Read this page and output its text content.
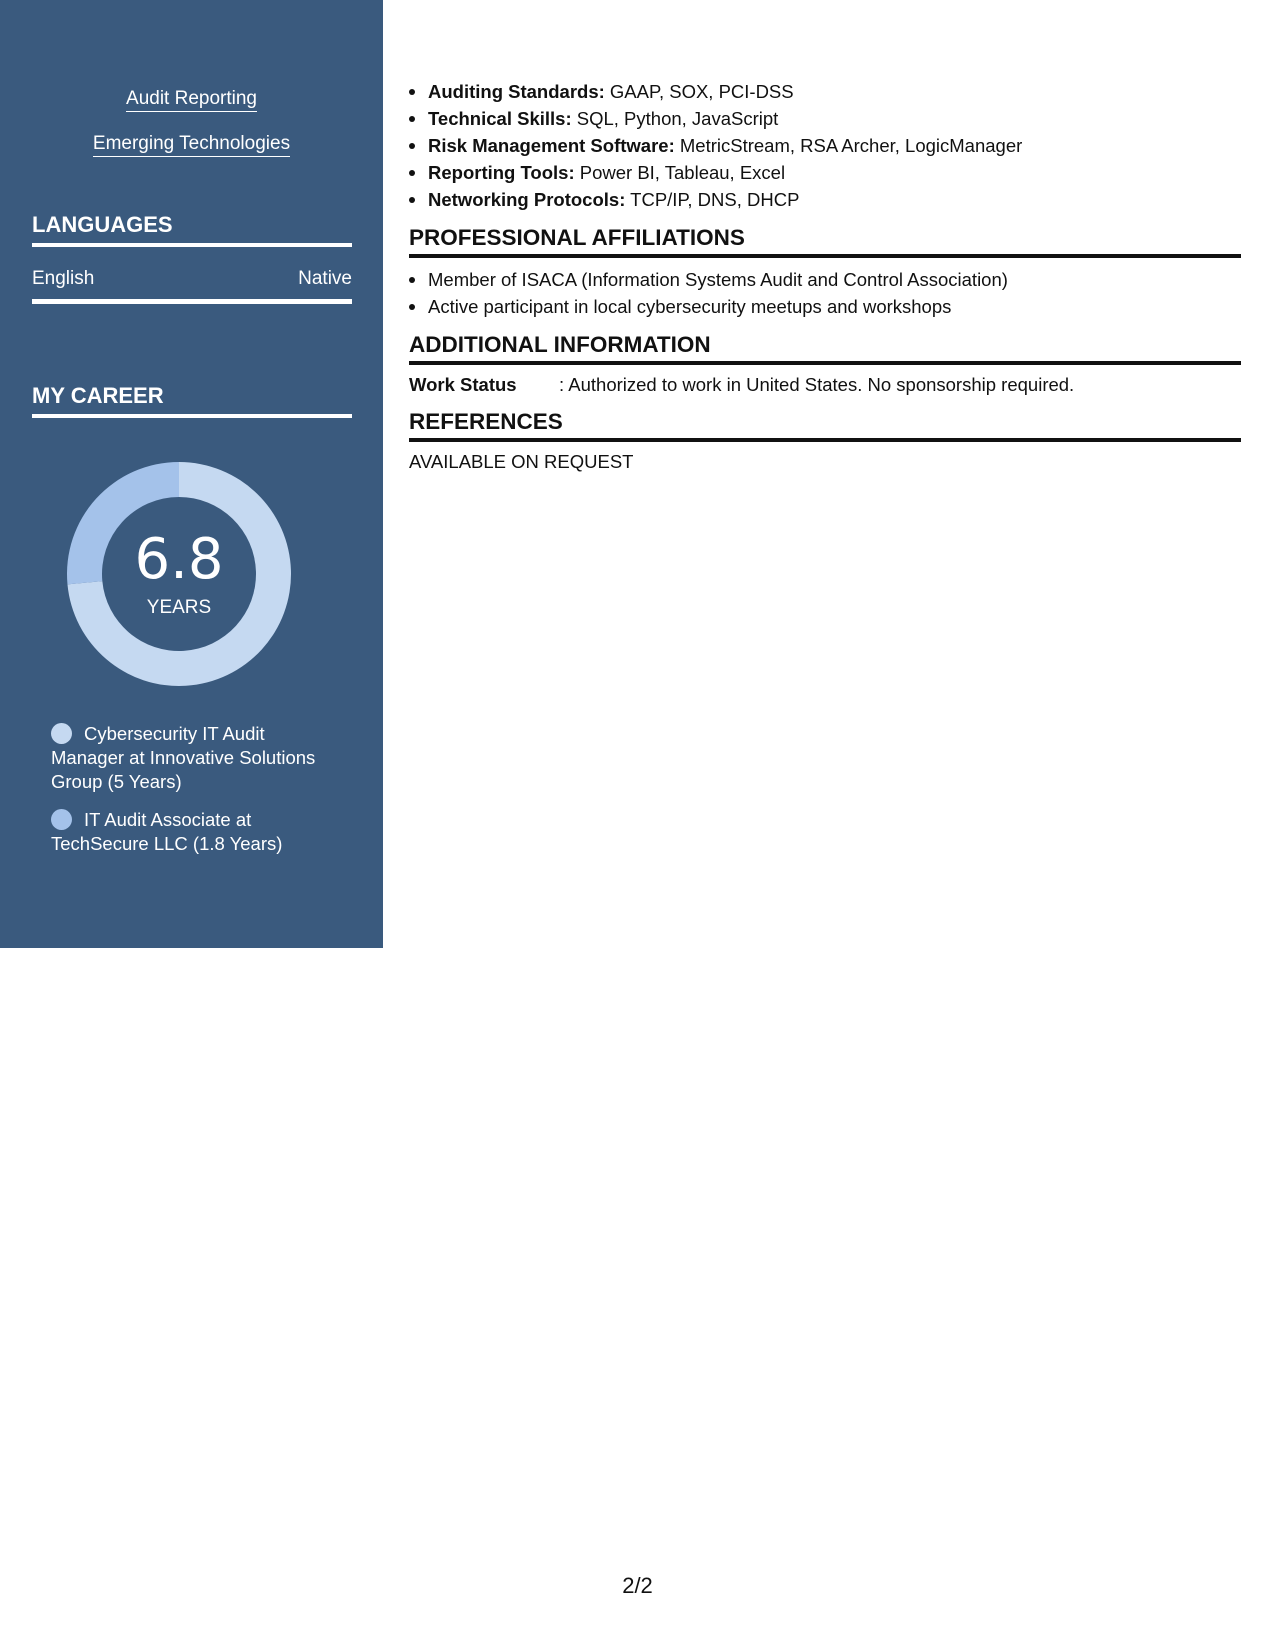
Audit Reporting
Emerging Technologies
LANGUAGES
English	Native
MY CAREER
6.8
YEARS
Cybersecurity IT Audit Manager at Innovative Solutions Group (5 Years)
IT Audit Associate at TechSecure LLC (1.8 Years)
Auditing Standards: GAAP, SOX, PCI-DSS
Technical Skills: SQL, Python, JavaScript
Risk Management Software: MetricStream, RSA Archer, LogicManager
Reporting Tools: Power BI, Tableau, Excel
Networking Protocols: TCP/IP, DNS, DHCP
PROFESSIONAL AFFILIATIONS
Member of ISACA (Information Systems Audit and Control Association)
Active participant in local cybersecurity meetups and workshops
ADDITIONAL INFORMATION
Work Status	: Authorized to work in United States. No sponsorship required.
REFERENCES
AVAILABLE ON REQUEST
2/2
